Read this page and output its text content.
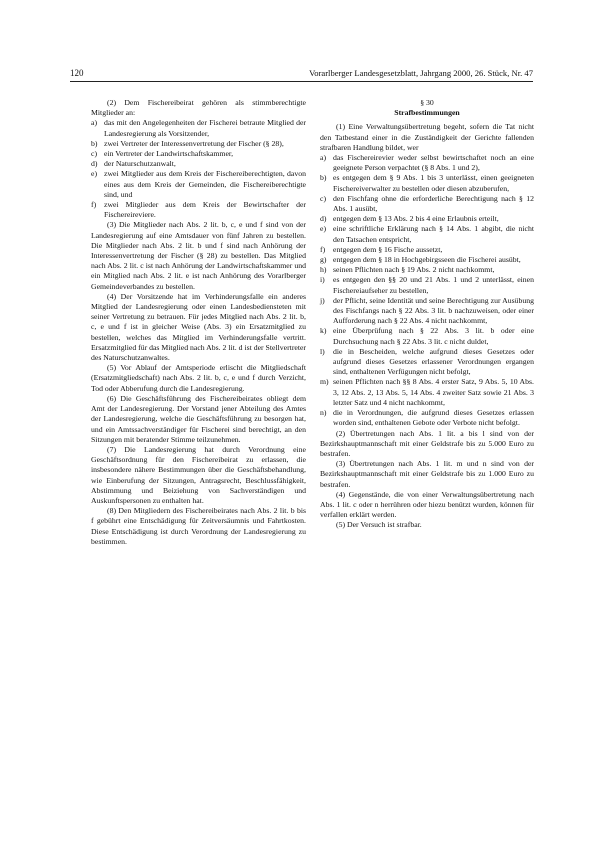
120	Vorarlberger Landesgesetzblatt, Jahrgang 2000, 26. Stück, Nr. 47

(2) Dem Fischereibeirat gehören als stimmberechtigte Mitglieder an:

a) das mit den Angelegenheiten der Fischerei betraute Mitglied der Landesregierung als Vorsitzender,
b) zwei Vertreter der Interessenvertretung der Fischer (§ 28),
c) ein Vertreter der Landwirtschaftskammer,
d) der Naturschutzanwalt,
e) zwei Mitglieder aus dem Kreis der Fischereiberechtigten, davon eines aus dem Kreis der Gemeinden, die Fischereiberechtigte sind, und
f)	zwei Mitglieder aus dem Kreis der Bewirtschafter der Fischereireviere.

(3) Die Mitglieder nach Abs. 2 lit. b, c, e und f sind von der Landesregierung auf eine Amtsdauer von fünf Jahren zu bestellen. Die Mitglieder nach Abs. 2 lit. b und f sind nach Anhörung der Interessenvertretung der Fischer (§ 28) zu bestellen. Das Mitglied nach Abs. 2 lit. c ist nach Anhörung der Landwirtschaftskammer und ein Mitglied nach Abs. 2 lit. e ist nach Anhörung des Vorarlberger Gemeindeverbandes zu bestellen.

(4) Der Vorsitzende hat im Verhinderungsfalle ein anderes Mitglied der Landesregierung oder einen Landesbediensteten mit seiner Vertretung zu betrauen. Für jedes Mitglied nach Abs. 2 lit. b, c, e und f ist in gleicher Weise (Abs. 3) ein Ersatzmitglied zu bestellen, welches das Mitglied im Verhinderungsfalle vertritt. Ersatzmitglied für das Mitglied nach Abs. 2 lit. d ist der Stellvertreter des Naturschutzanwaltes.

(5) Vor Ablauf der Amtsperiode erlischt die Mitgliedschaft (Ersatzmitgliedschaft) nach Abs. 2 lit. b, c, e und f durch Verzicht, Tod oder Abberufung durch die Landesregierung.

(6) Die Geschäftsführung des Fischereibeirates obliegt dem Amt der Landesregierung. Der Vorstand jener Abteilung des Amtes der Landesregierung, welche die Geschäftsführung zu besorgen hat, und ein Amtssachverständiger für Fischerei sind berechtigt, an den Sitzungen mit beratender Stimme teilzunehmen.

(7) Die Landesregierung hat durch Verordnung eine Geschäftsordnung für den Fischereibeirat zu erlassen, die insbesondere nähere Bestimmungen über die Geschäftsbehandlung, wie Einberufung der Sitzungen, Antragsrecht, Beschlussfähigkeit, Abstimmung und Beiziehung von Sachverständigen und Auskunftspersonen zu enthalten hat.

(8) Den Mitgliedern des Fischereibeirates nach Abs. 2 lit. b bis f gebührt eine Entschädigung für Zeitversäumnis und Fahrtkosten. Diese Entschädigung ist durch Verordnung der Landesregierung zu bestimmen.

§ 30

Strafbestimmungen

(1) Eine Verwaltungsübertretung begeht, sofern die Tat nicht den Tatbestand einer in die Zuständigkeit der Gerichte fallenden strafbaren Handlung bildet, wer

a) das Fischereirevier weder selbst bewirtschaftet noch an eine geeignete Person verpachtet (§ 8 Abs. 1 und 2),
b) es entgegen dem § 9 Abs. 1 bis 3 unterlässt, einen geeigneten Fischereiverwalter zu bestellen oder diesen abzuberufen,
c) den Fischfang ohne die erforderliche Berechtigung nach § 12 Abs. 1 ausübt,
d) entgegen dem § 13 Abs. 2 bis 4 eine Erlaubnis erteilt,
e) eine schriftliche Erklärung nach § 14 Abs. 1 abgibt, die nicht den Tatsachen entspricht,
f)	entgegen dem § 16 Fische aussetzt,
g) entgegen dem § 18 in Hochgebirgsseen die Fischerei ausübt,
h) seinen Pflichten nach § 19 Abs. 2 nicht nachkommt,
i)	es entgegen den §§ 20 und 21 Abs. 1 und 2 unterlässt, einen Fischereiaufseher zu bestellen,
j)	der Pflicht, seine Identität und seine Berechtigung zur Ausübung des Fischfangs nach § 22 Abs. 3 lit. b nachzuweisen, oder einer Aufforderung nach § 22 Abs. 4 nicht nachkommt,
k) eine Überprüfung nach § 22 Abs. 3 lit. b oder eine Durchsuchung nach § 22 Abs. 3 lit. c nicht duldet,
l)	die in Bescheiden, welche aufgrund dieses Gesetzes oder aufgrund dieses Gesetzes erlassener Verordnungen ergangen sind, enthaltenen Verfügungen nicht befolgt,
m) seinen Pflichten nach §§ 8 Abs. 4 erster Satz, 9 Abs. 5, 10 Abs. 3, 12 Abs. 2, 13 Abs. 5, 14 Abs. 4 zweiter Satz sowie 21 Abs. 3 letzter Satz und 4 nicht nachkommt,
n) die in Verordnungen, die aufgrund dieses Gesetzes erlassen worden sind, enthaltenen Gebote oder Verbote nicht befolgt.

(2) Übertretungen nach Abs. 1 lit. a bis l sind von der Bezirkshauptmannschaft mit einer Geldstrafe bis zu 5.000 Euro zu bestrafen.

(3) Übertretungen nach Abs. 1 lit. m und n sind von der Bezirkshauptmannschaft mit einer Geldstrafe bis zu 1.000 Euro zu bestrafen.

(4) Gegenstände, die von einer Verwaltungsübertretung nach Abs. 1 lit. c oder n herrühren oder hiezu benützt wurden, können für verfallen erklärt werden.

(5) Der Versuch ist strafbar.
